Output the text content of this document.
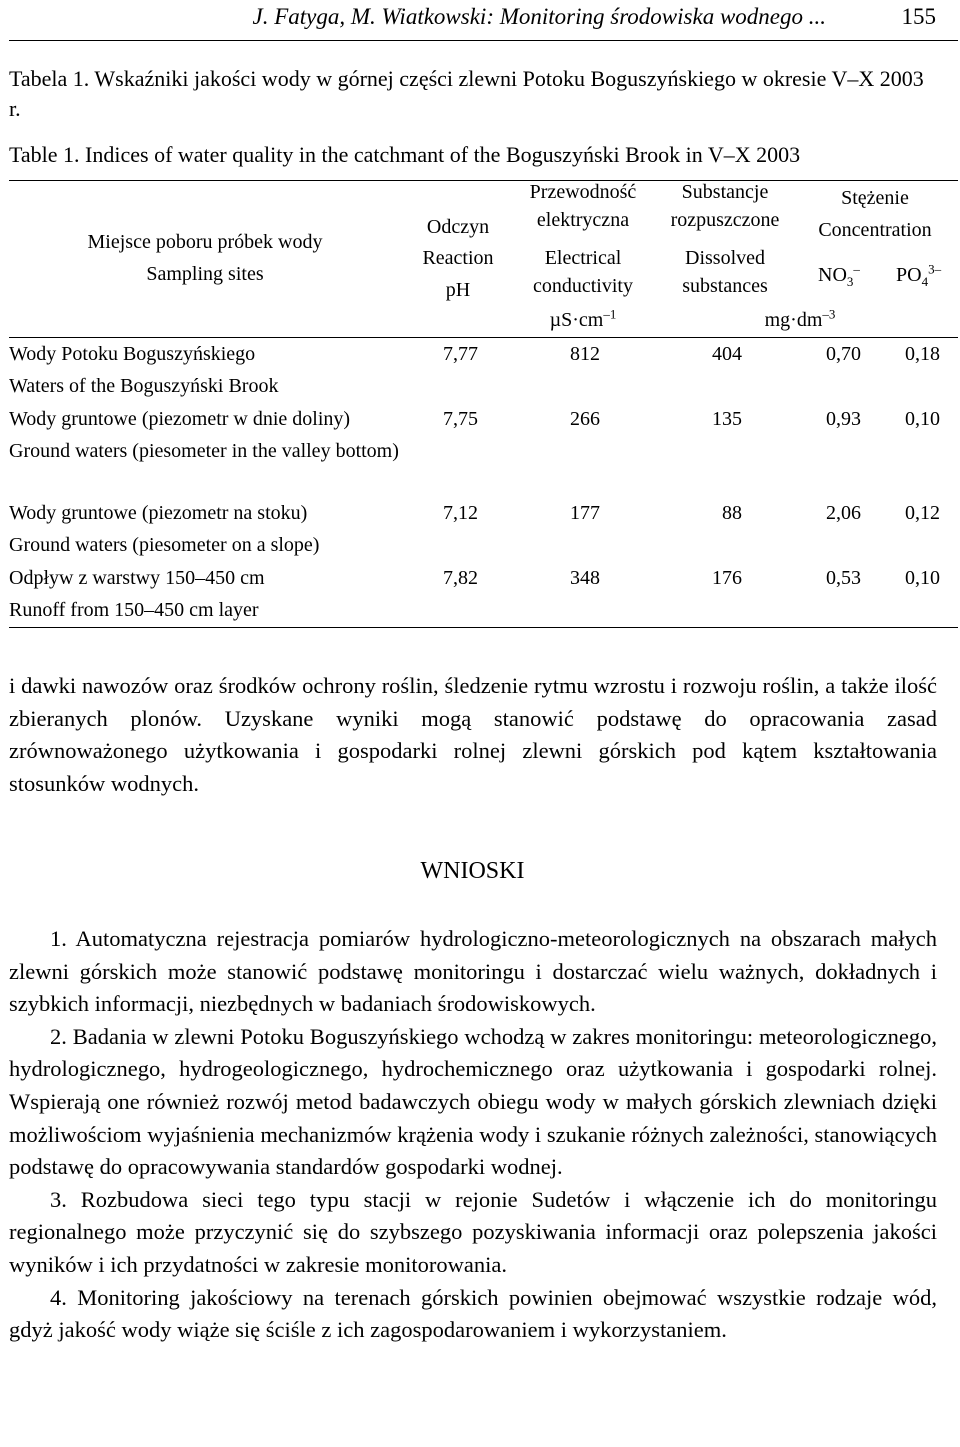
J. Fatyga, M. Wiatkowski: Monitoring środowiska wodnego ...	155
Tabela 1. Wskaźniki jakości wody w górnej części zlewni Potoku Boguszyńskiego w okresie V–X 2003 r.
Table 1. Indices of water quality in the catchmant of the Boguszyński Brook in V–X 2003
Miejsce poboru próbek wody
Sampling sites
Odczyn
Reaction
pH
Przewodność
elektryczna
Electrical
conductivity
Substancje
rozpuszczone
Dissolved
substances
Stężenie
Concentration
$NO_3^-$ $PO_4^{3-}$
$\mu S\cdot cm^{-1}$	$mg\cdot dm^{-3}$
Wody Potoku Boguszyńskiego
Waters of the Boguszyński Brook
7,77	812	404	0,70	0,18
Wody gruntowe (piezometr w dnie doliny)
Ground waters (piesometer in the valley bottom)
7,75	266	135	0,93	0,10
Wody gruntowe (piezometr na stoku)
Ground waters (piesometer on a slope)
7,12	177	88	2,06	0,12
Odpływ z warstwy 150–450 cm
Runoff from 150–450 cm layer
7,82	348	176	0,53	0,10

i dawki nawozów oraz środków ochrony roślin, śledzenie rytmu wzrostu i rozwoju roślin, a także ilość zbieranych plonów. Uzyskane wyniki mogą stanowić podstawę do opracowania zasad zrównoważonego użytkowania i gospodarki rolnej zlewni górskich pod kątem kształtowania stosunków wodnych.

WNIOSKI

1. Automatyczna rejestracja pomiarów hydrologiczno-meteorologicznych na obszarach małych zlewni górskich może stanowić podstawę monitoringu i dostarczać wielu ważnych, dokładnych i szybkich informacji, niezbędnych w badaniach środowiskowych.

2. Badania w zlewni Potoku Boguszyńskiego wchodzą w zakres monitoringu: meteorologicznego, hydrologicznego, hydrogeologicznego, hydrochemicznego oraz użytkowania i gospodarki rolnej. Wspierają one również rozwój metod badawczych obiegu wody w małych górskich zlewniach dzięki możliwościom wyjaśnienia mechanizmów krążenia wody i szukanie różnych zależności, stanowiących podstawę do opracowywania standardów gospodarki wodnej.

3. Rozbudowa sieci tego typu stacji w rejonie Sudetów i włączenie ich do monitoringu regionalnego może przyczynić się do szybszego pozyskiwania informacji oraz polepszenia jakości wyników i ich przydatności w zakresie monitorowania.

4. Monitoring jakościowy na terenach górskich powinien obejmować wszystkie rodzaje wód, gdyż jakość wody wiąże się ściśle z ich zagospodarowaniem i wykorzystaniem.
